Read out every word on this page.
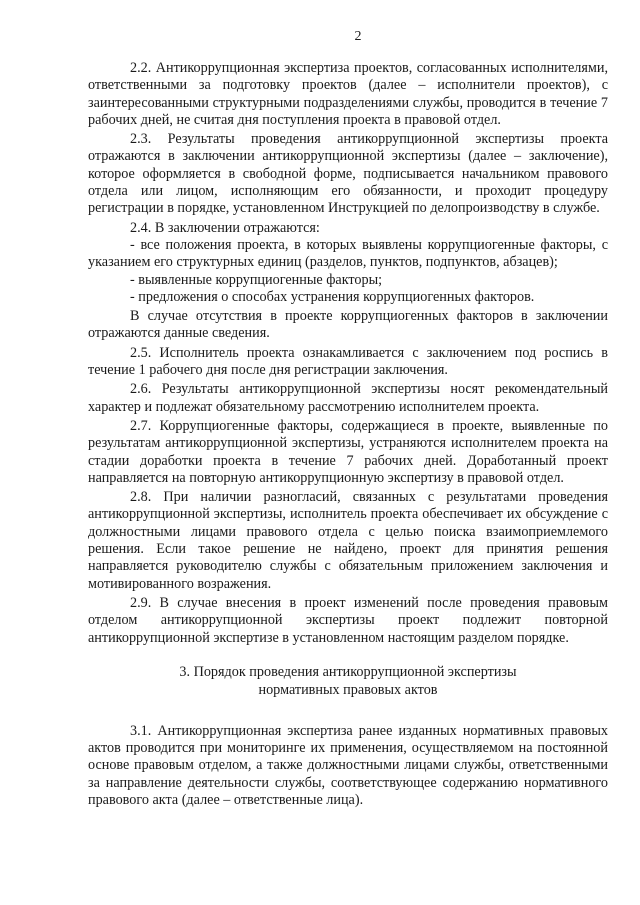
2

2.2. Антикоррупционная экспертиза проектов, согласованных исполнителями, ответственными за подготовку проектов (далее – исполнители проектов), с заинтересованными структурными подразделениями службы, проводится в течение 7 рабочих дней, не считая дня поступления проекта в правовой отдел.

2.3. Результаты проведения антикоррупционной экспертизы проекта отражаются в заключении антикоррупционной экспертизы (далее – заключение), которое оформляется в свободной форме, подписывается начальником правового отдела или лицом, исполняющим его обязанности, и проходит процедуру регистрации в порядке, установленном Инструкцией по делопроизводству в службе.

2.4. В заключении отражаются:

- все положения проекта, в которых выявлены коррупциогенные факторы, с указанием его структурных единиц (разделов, пунктов, подпунктов, абзацев);

- выявленные коррупциогенные факторы;

- предложения о способах устранения коррупциогенных факторов.

В случае отсутствия в проекте коррупциогенных факторов в заключении отражаются данные сведения.

2.5. Исполнитель проекта ознакамливается с заключением под роспись в течение 1 рабочего дня после дня регистрации заключения.

2.6. Результаты антикоррупционной экспертизы носят рекомендательный характер и подлежат обязательному рассмотрению исполнителем проекта.

2.7. Коррупциогенные факторы, содержащиеся в проекте, выявленные по результатам антикоррупционной экспертизы, устраняются исполнителем проекта на стадии доработки проекта в течение 7 рабочих дней. Доработанный проект направляется на повторную антикоррупционную экспертизу в правовой отдел.

2.8. При наличии разногласий, связанных с результатами проведения антикоррупционной экспертизы, исполнитель проекта обеспечивает их обсуждение с должностными лицами правового отдела с целью поиска взаимоприемлемого решения. Если такое решение не найдено, проект для принятия решения направляется руководителю службы с обязательным приложением заключения и мотивированного возражения.

2.9. В случае внесения в проект изменений после проведения правовым отделом антикоррупционной экспертизы проект подлежит повторной антикоррупционной экспертизе в установленном настоящим разделом порядке.

3. Порядок проведения антикоррупционной экспертизы
нормативных правовых актов

3.1. Антикоррупционная экспертиза ранее изданных нормативных правовых актов проводится при мониторинге их применения, осуществляемом на постоянной основе правовым отделом, а также должностными лицами службы, ответственными за направление деятельности службы, соответствующее содержанию нормативного правового акта (далее – ответственные лица).
